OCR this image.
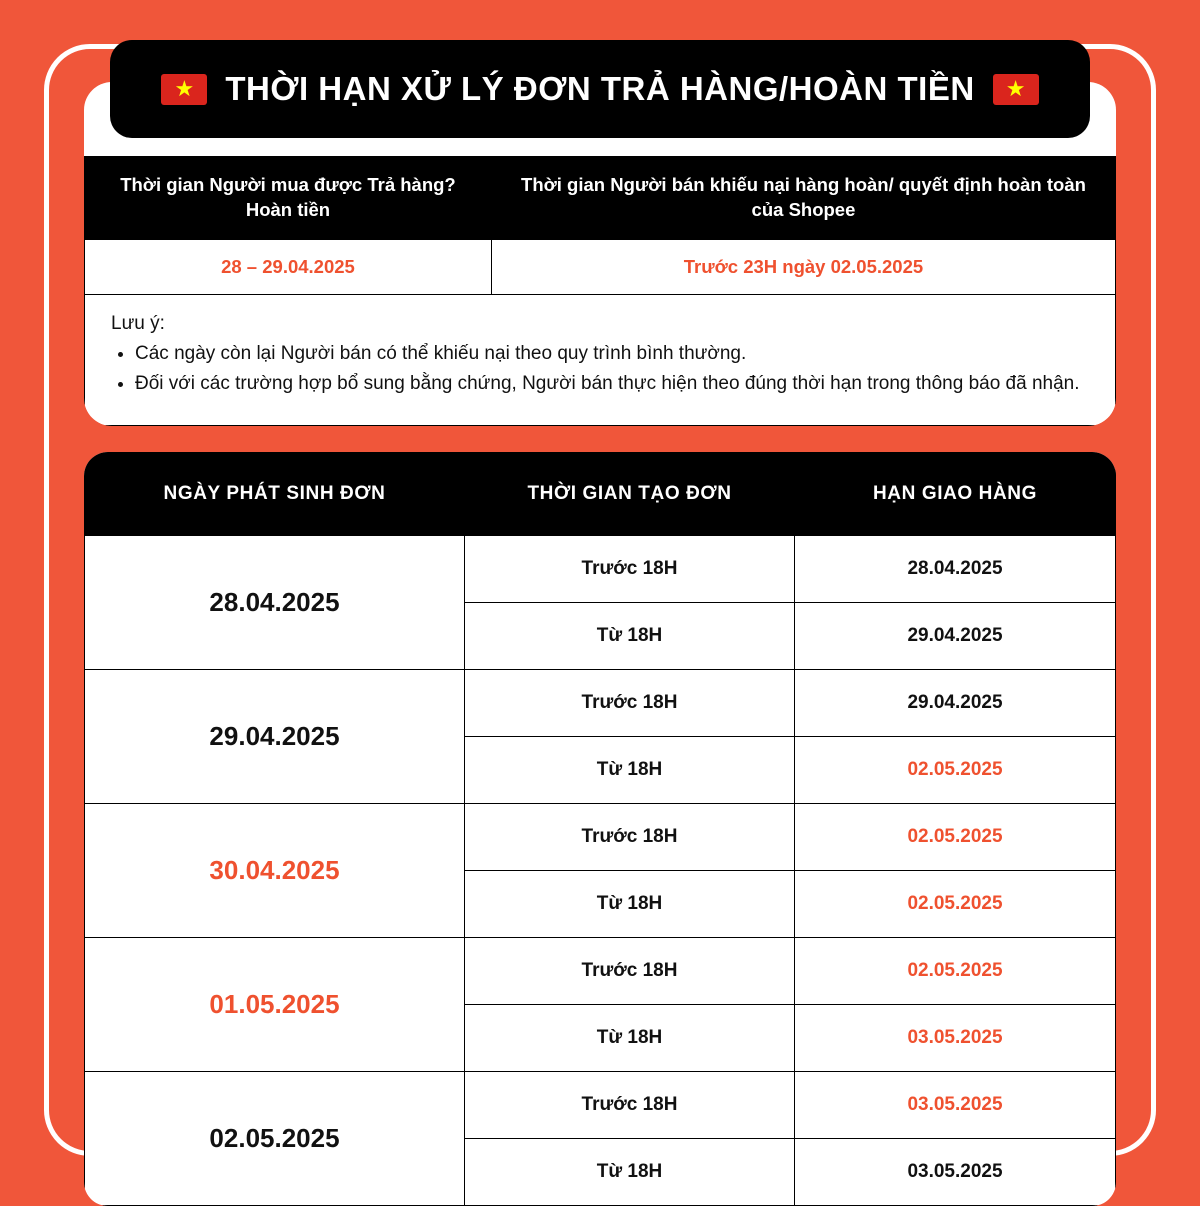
Thời gian Người mua được Trả hàng?Hoàn tiền	Thời gian Người bán khiếu nại hàng hoàn/ quyết định hoàn toàn của Shopee
28 – 29.04.2025	Trước 23H ngày 02.05.2025

Lưu ý:
• Các ngày còn lại Người bán có thể khiếu nại theo quy trình bình thường.
• Đối với các trường hợp bổ sung bằng chứng, Người bán thực hiện theo đúng thời hạn trong thông báo đã nhận.
★ THỜI HẠN XỬ LÝ ĐƠN TRẢ HÀNG/HOÀN TIỀN	★
NGÀY PHÁT SINH ĐƠN	THỜI GIAN TẠO ĐƠN	HẠN GIAO HÀNG
28.04.2025	Trước 18H	28.04.2025
	Từ 18H	29.04.2025
29.04.2025	Trước 18H	29.04.2025
	Từ 18H	02.05.2025
30.04.2025	Trước 18H	02.05.2025
	Từ 18H	02.05.2025
01.05.2025	Trước 18H	02.05.2025
	Từ 18H	03.05.2025
02.05.2025	Trước 18H	03.05.2025
	Từ 18H	03.05.2025
